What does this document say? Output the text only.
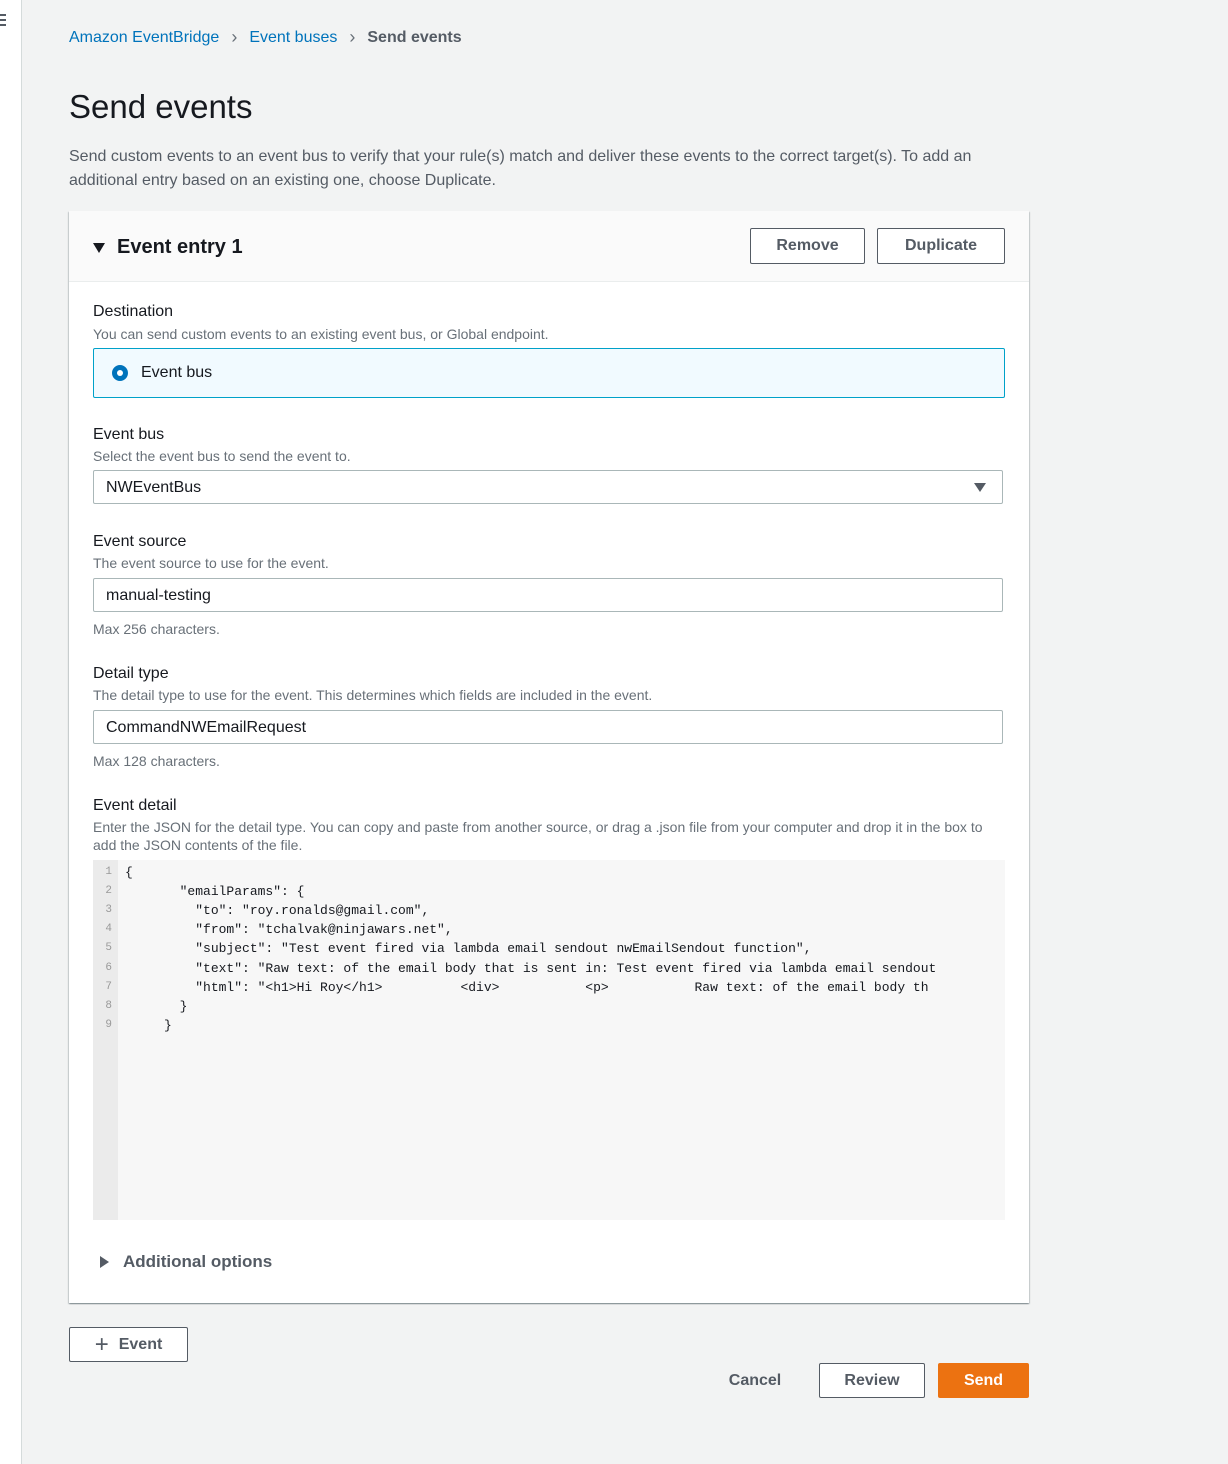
Amazon EventBridge › Event buses › Send events
Send events
Send custom events to an event bus to verify that your rule(s) match and deliver these events to the correct target(s). To add an additional entry based on an existing one, choose Duplicate.
Event entry 1	Remove	Duplicate
Destination
You can send custom events to an existing event bus, or Global endpoint.
Event bus
Event bus
Select the event bus to send the event to.
NWEventBus
Event source
The event source to use for the event.
manual-testing
Max 256 characters.
Detail type
The detail type to use for the event. This determines which fields are included in the event.
CommandNWEmailRequest
Max 128 characters.
Event detail
Enter the JSON for the detail type. You can copy and paste from another source, or drag a .json file from your computer and drop it in the box to add the JSON contents of the file.
1 {
2 "emailParams": {
3 "to": "roy.ronalds@gmail.com",
4 "from": "tchalvak@ninjawars.net",
5 "subject": "Test event fired via lambda email sendout nwEmailSendout function",
6 "text": "Raw text: of the email body that is sent in: Test event fired via lambda email sendout
7 "html": "<h1>Hi Roy</h1>          <div>           <p>           Raw text: of the email body th
8 }
9 }
Additional options
+ Event
Cancel	Review	Send
